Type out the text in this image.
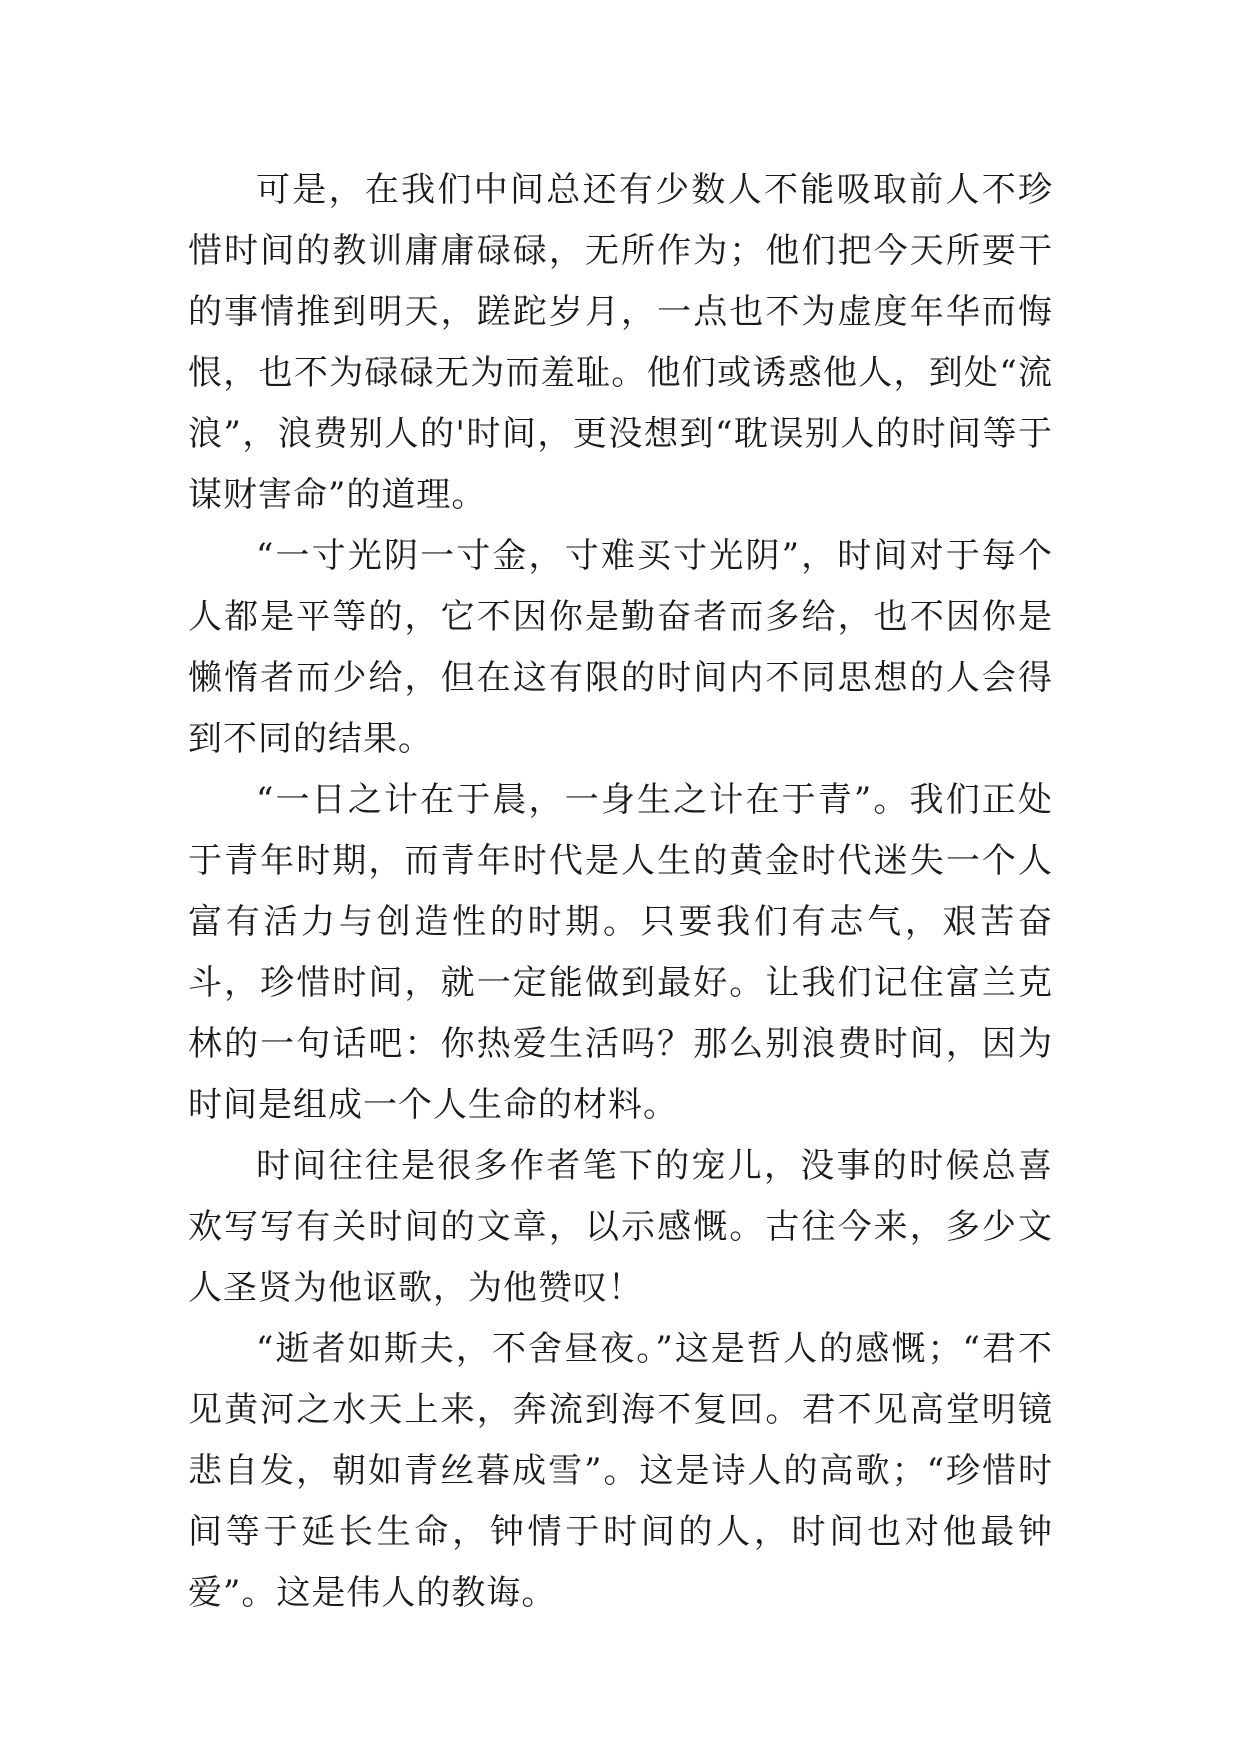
可是，在我们中间总还有少数人不能吸取前人不珍惜时间的教训庸庸碌碌，无所作为；他们把今天所要干的事情推到明天，蹉跎岁月，一点也不为虚度年华而悔恨，也不为碌碌无为而羞耻。他们或诱惑他人，到处“流浪”，浪费别人的'时间，更没想到“耽误别人的时间等于谋财害命”的道理。

“一寸光阴一寸金，寸难买寸光阴”，时间对于每个人都是平等的，它不因你是勤奋者而多给，也不因你是懒惰者而少给，但在这有限的时间内不同思想的人会得到不同的结果。

“一日之计在于晨，一身生之计在于青”。我们正处于青年时期，而青年时代是人生的黄金时代迷失一个人富有活力与创造性的时期。只要我们有志气，艰苦奋斗，珍惜时间，就一定能做到最好。让我们记住富兰克林的一句话吧：你热爱生活吗？那么别浪费时间，因为时间是组成一个人生命的材料。

时间往往是很多作者笔下的宠儿，没事的时候总喜欢写写有关时间的文章，以示感慨。古往今来，多少文人圣贤为他讴歌，为他赞叹！

“逝者如斯夫，不舍昼夜。”这是哲人的感慨；“君不见黄河之水天上来，奔流到海不复回。君不见高堂明镜悲自发，朝如青丝暮成雪”。这是诗人的高歌；“珍惜时间等于延长生命，钟情于时间的人，时间也对他最钟爱”。这是伟人的教诲。
